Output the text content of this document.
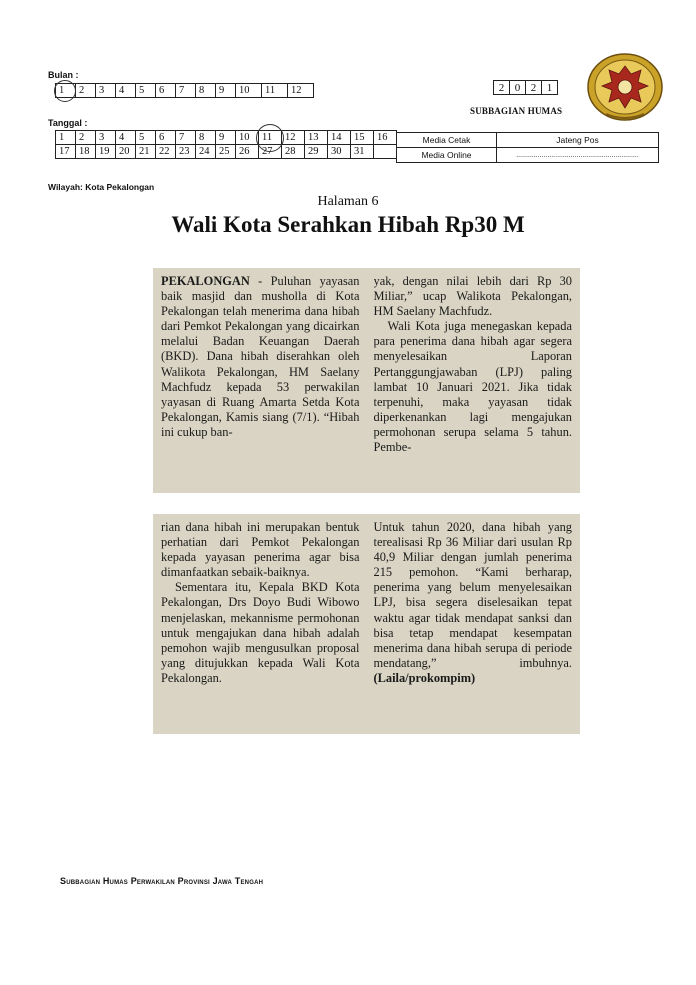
Bulan :
1	2	3	4	5	6	7	8	9	10	11	12
Tanggal :
1	2	3	4	5	6	7	8	9	10	11	12	13	14	15	16
17	18	19	20	21	22	23	24	25	26	27	28	29	30	31	
2	0	2	1
SUBBAGIAN HUMAS
Media Cetak	Jateng Pos
Media Online	...............................................................
Wilayah: Kota Pekalongan
Halaman 6
Wali Kota Serahkan Hibah Rp30 M

PEKALONGAN - Puluhan yayasan baik masjid dan musholla di Kota Pekalongan telah menerima dana hibah dari Pemkot Pekalongan yang dicairkan melalui Badan Keuangan Daerah (BKD). Dana hibah diserahkan oleh Walikota Pekalongan, HM Saelany Machfudz kepada 53 perwakilan yayasan di Ruang Amarta Setda Kota Pekalongan, Kamis siang (7/1). “Hibah ini cukup ban-

yak, dengan nilai lebih dari Rp 30 Miliar,” ucap Walikota Pekalongan, HM Saelany Machfudz.

Wali Kota juga menegaskan kepada para penerima dana hibah agar segera menyelesaikan Laporan Pertanggungjawaban (LPJ) paling lambat 10 Januari 2021. Jika tidak terpenuhi, maka yayasan tidak diperkenankan lagi mengajukan permohonan serupa selama 5 tahun. Pembe-

rian dana hibah ini merupakan bentuk perhatian dari Pemkot Pekalongan kepada yayasan penerima agar bisa dimanfaatkan sebaik-baiknya.

Sementara itu, Kepala BKD Kota Pekalongan, Drs Doyo Budi Wibowo menjelaskan, mekannisme permohonan untuk mengajukan dana hibah adalah pemohon wajib mengusulkan proposal yang ditujukkan kepada Wali Kota Pekalongan.

Untuk tahun 2020, dana hibah yang terealisasi Rp 36 Miliar dari usulan Rp 40,9 Miliar dengan jumlah penerima 215 pemohon. “Kami berharap, penerima yang belum menyelesaikan LPJ, bisa segera diselesaikan tepat waktu agar tidak mendapat sanksi dan bisa tetap mendapat kesempatan menerima dana hibah serupa di periode mendatang,” imbuhnya. (Laila/prokompim)

Subbagian Humas Perwakilan Provinsi Jawa Tengah
